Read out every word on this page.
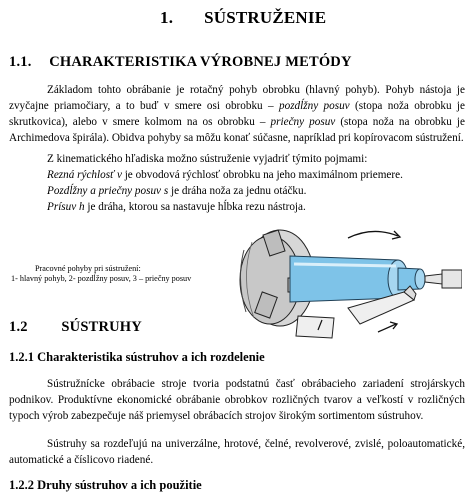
1. SÚSTRUŽENIE
1.1. CHARAKTERISTIKA VÝROBNEJ METÓDY
Základom tohto obrábanie je rotačný pohyb obrobku (hlavný pohyb). Pohyb nástoja je zvyčajne priamočiary, a to buď v smere osi obrobku – pozdĺžny posuv (stopa noža obrobku je skrutkovica), alebo v smere kolmom na os obrobku – priečny posuv (stopa noža na obrobku je Archimedova špirála). Obidva pohyby sa môžu konať súčasne, napríklad pri kopírovacom sústružení.
Z kinematického hľadiska možno sústruženie vyjadriť týmito pojmami:
Rezná rýchlosť v je obvodová rýchlosť obrobku na jeho maximálnom priemere.
Pozdĺžny a priečny posuv s je dráha noža za jednu otáčku.
Prísuv h je dráha, ktorou sa nastavuje hĺbka rezu nástroja.
Pracovné pohyby pri sústružení:
1- hlavný pohyb, 2- pozdĺžny posuv, 3 – priečny posuv
1.2 SÚSTRUHY
1.2.1 Charakteristika sústruhov a ich rozdelenie
Sústružnícke obrábacie stroje tvoria podstatnú časť obrábacieho zariadení strojárskych podnikov. Produktívne ekonomické obrábanie obrobkov rozličných tvarov a veľkostí v rozličných typoch výrob zabezpečuje náš priemysel obrábacích strojov širokým sortimentom sústruhov.
Sústruhy sa rozdeľujú na univerzálne, hrotové, čelné, revolverové, zvislé, poloautomatické, automatické a číslicovo riadené.
1.2.2 Druhy sústruhov a ich použitie
